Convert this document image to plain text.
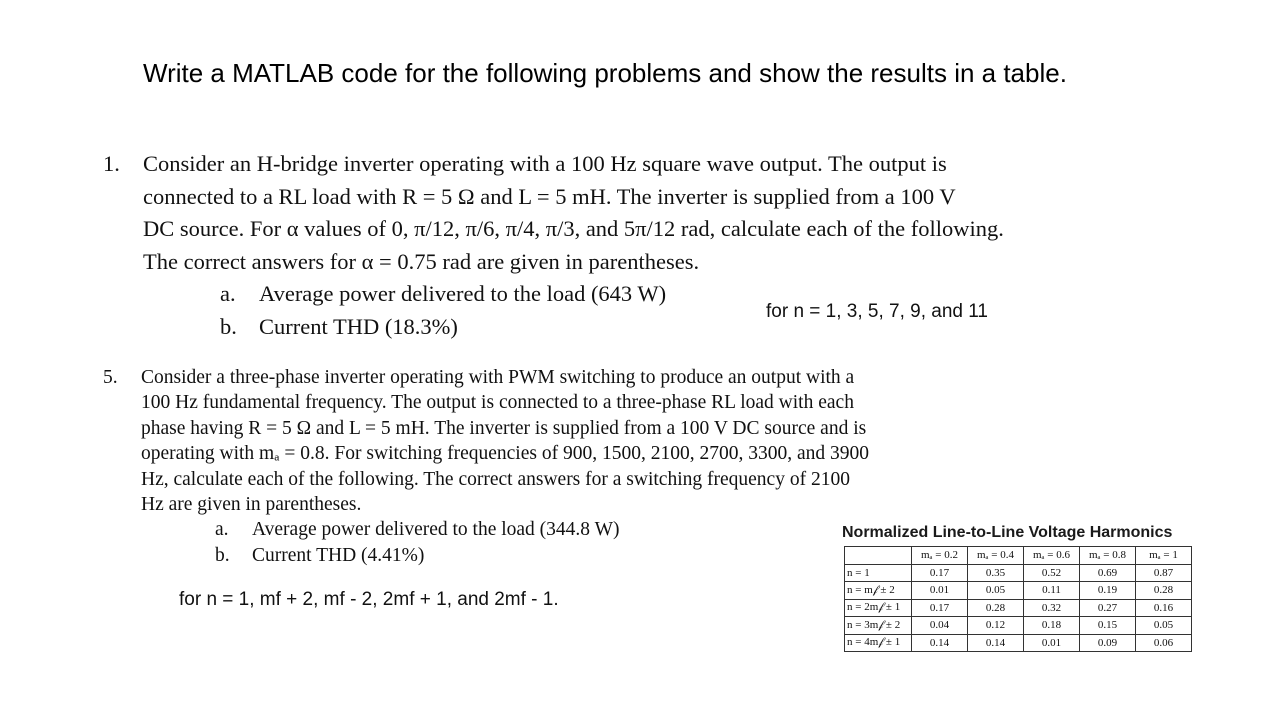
Write a MATLAB code for the following problems and show the results in a table.
1. Consider an H-bridge inverter operating with a 100 Hz square wave output. The output is
connected to a RL load with R = 5 Ω and L = 5 mH. The inverter is supplied from a 100 V
DC source. For α values of 0, π/12, π/6, π/4, π/3, and 5π/12 rad, calculate each of the following.
The correct answers for α = 0.75 rad are given in parentheses.
a. Average power delivered to the load (643 W)
b. Current THD (18.3%)
for n = 1, 3, 5, 7, 9, and 11
5. Consider a three-phase inverter operating with PWM switching to produce an output with a
100 Hz fundamental frequency. The output is connected to a three-phase RL load with each
phase having R = 5 Ω and L = 5 mH. The inverter is supplied from a 100 V DC source and is
operating with mₐ = 0.8. For switching frequencies of 900, 1500, 2100, 2700, 3300, and 3900
Hz, calculate each of the following. The correct answers for a switching frequency of 2100
Hz are given in parentheses.
a. Average power delivered to the load (344.8 W)
b. Current THD (4.41%)
for n = 1, mf + 2, mf - 2, 2mf + 1, and 2mf - 1.
Normalized Line-to-Line Voltage Harmonics
	mₐ = 0.2	mₐ = 0.4	mₐ = 0.6	mₐ = 0.8	mₐ = 1
n = 1	0.17	0.35	0.52	0.69	0.87
n = m𝒻 ± 2	0.01	0.05	0.11	0.19	0.28
n = 2m𝒻 ± 1	0.17	0.28	0.32	0.27	0.16
n = 3m𝒻 ± 2	0.04	0.12	0.18	0.15	0.05
n = 4m𝒻 ± 1	0.14	0.14	0.01	0.09	0.06
